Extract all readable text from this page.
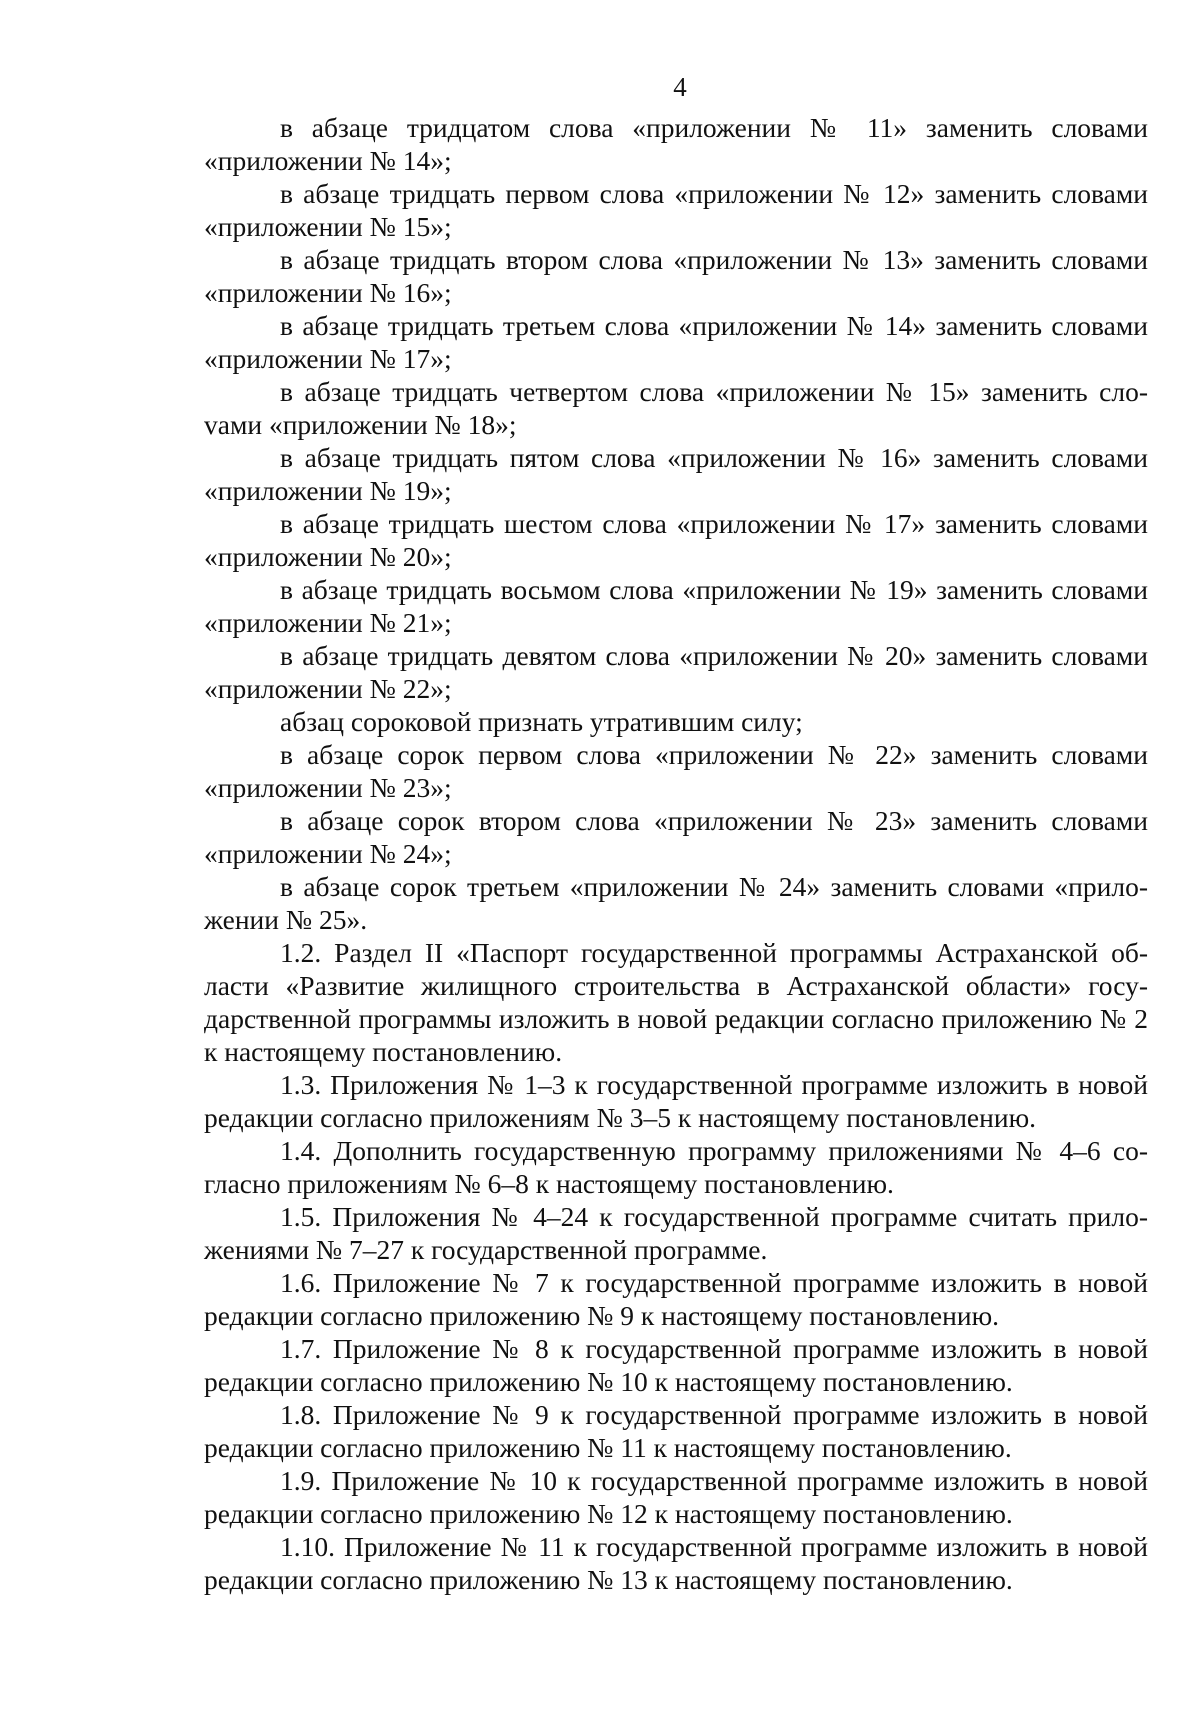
4

в абзаце тридцатом слова «приложении № 11» заменить словами «приложении № 14»;

в абзаце тридцать первом слова «приложении № 12» заменить словами «приложении № 15»;

в абзаце тридцать втором слова «приложении № 13» заменить словами «приложении № 16»;

в абзаце тридцать третьем слова «приложении № 14» заменить словами «приложении № 17»;

в абзаце тридцать четвертом слова «приложении № 15» заменить слоvами «приложении № 18»;

в абзаце тридцать пятом слова «приложении № 16» заменить словами «приложении № 19»;

в абзаце тридцать шестом слова «приложении № 17» заменить словами «приложении № 20»;

в абзаце тридцать восьмом слова «приложении № 19» заменить словами «приложении № 21»;

в абзаце тридцать девятом слова «приложении № 20» заменить словами «приложении № 22»;

абзац сороковой признать утратившим силу;

в абзаце сорок первом слова «приложении № 22» заменить словами «приложении № 23»;

в абзаце сорок втором слова «приложении № 23» заменить словами «приложении № 24»;

в абзаце сорок третьем «приложении № 24» заменить словами «приложении № 25».

1.2. Раздел II «Паспорт государственной программы Астраханской области «Развитие жилищного строительства в Астраханской области» государственной программы изложить в новой редакции согласно приложению № 2 к настоящему постановлению.

1.3. Приложения № 1–3 к государственной программе изложить в новой редакции согласно приложениям № 3–5 к настоящему постановлению.

1.4. Дополнить государственную программу приложениями № 4–6 согласно приложениям № 6–8 к настоящему постановлению.

1.5. Приложения № 4–24 к государственной программе считать приложениями № 7–27 к государственной программе.

1.6. Приложение № 7 к государственной программе изложить в новой редакции согласно приложению № 9 к настоящему постановлению.

1.7. Приложение № 8 к государственной программе изложить в новой редакции согласно приложению № 10 к настоящему постановлению.

1.8. Приложение № 9 к государственной программе изложить в новой редакции согласно приложению № 11 к настоящему постановлению.

1.9. Приложение № 10 к государственной программе изложить в новой редакции согласно приложению № 12 к настоящему постановлению.

1.10. Приложение № 11 к государственной программе изложить в новой редакции согласно приложению № 13 к настоящему постановлению.
